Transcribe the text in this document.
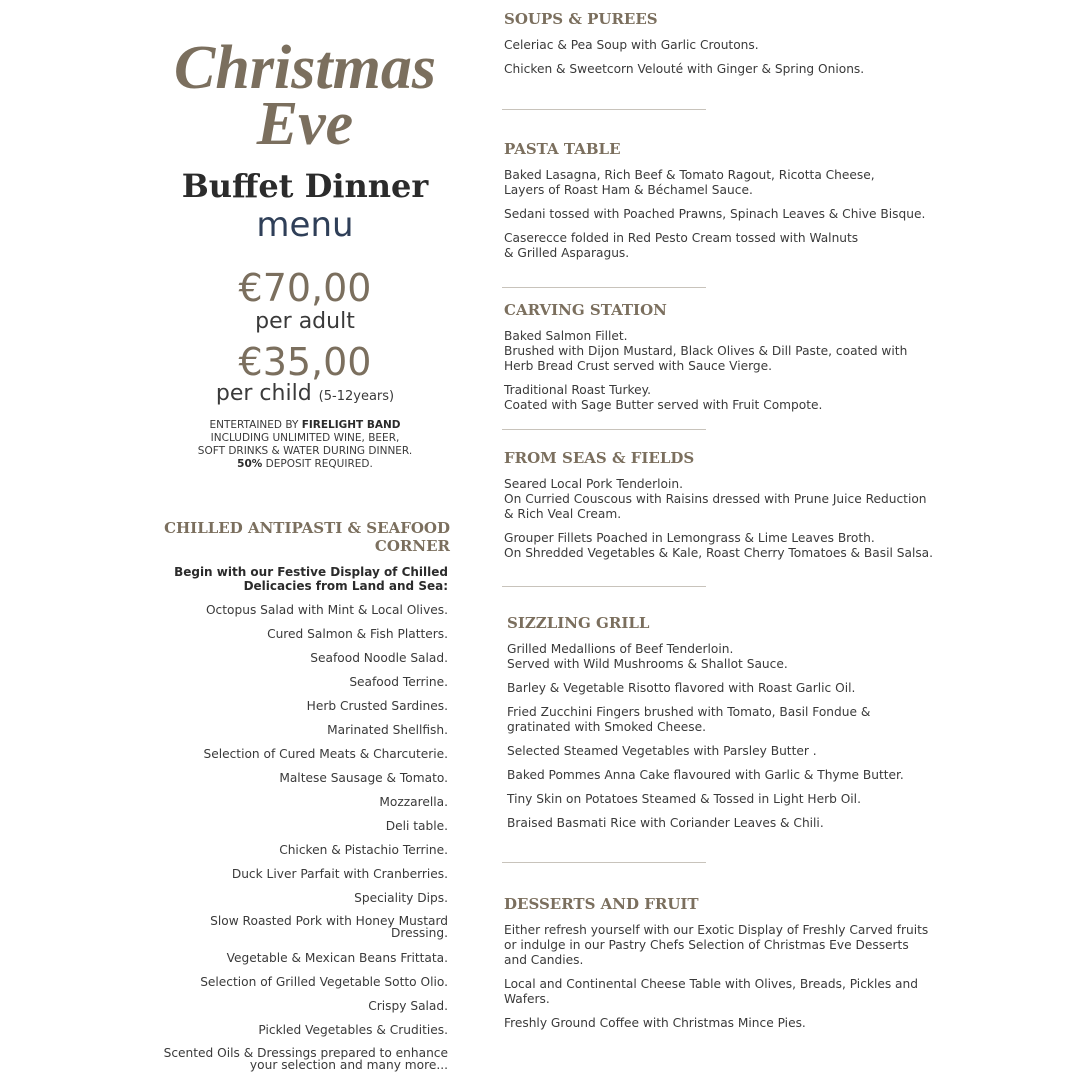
Christmas
Eve
Buffet Dinner
menu
€70,00
per adult
€35,00
per child (5-12years)
ENTERTAINED BY FIRELIGHT BAND
INCLUDING UNLIMITED WINE, BEER,
SOFT DRINKS & WATER DURING DINNER.
50% DEPOSIT REQUIRED.
CHILLED ANTIPASTI & SEAFOOD
CORNER
Begin with our Festive Display of Chilled
Delicacies from Land and Sea:
Octopus Salad with Mint & Local Olives.
Cured Salmon & Fish Platters.
Seafood Noodle Salad.
Seafood Terrine.
Herb Crusted Sardines.
Marinated Shellfish.
Selection of Cured Meats & Charcuterie.
Maltese Sausage & Tomato.
Mozzarella.
Deli table.
Chicken & Pistachio Terrine.
Duck Liver Parfait with Cranberries.
Speciality Dips.
Slow Roasted Pork with Honey Mustard
Dressing.
Vegetable & Mexican Beans Frittata.
Selection of Grilled Vegetable Sotto Olio.
Crispy Salad.
Pickled Vegetables & Crudities.
Scented Oils & Dressings prepared to enhance
your selection and many more...
SOUPS & PUREES
Celeriac & Pea Soup with Garlic Croutons.
Chicken & Sweetcorn Velouté with Ginger & Spring Onions.
PASTA TABLE
Baked Lasagna, Rich Beef & Tomato Ragout, Ricotta Cheese,
Layers of Roast Ham & Béchamel Sauce.
Sedani tossed with Poached Prawns, Spinach Leaves & Chive Bisque.
Caserecce folded in Red Pesto Cream tossed with Walnuts
& Grilled Asparagus.
CARVING STATION
Baked Salmon Fillet.
Brushed with Dijon Mustard, Black Olives & Dill Paste, coated with
Herb Bread Crust served with Sauce Vierge.
Traditional Roast Turkey.
Coated with Sage Butter served with Fruit Compote.
FROM SEAS & FIELDS
Seared Local Pork Tenderloin.
On Curried Couscous with Raisins dressed with Prune Juice Reduction
& Rich Veal Cream.
Grouper Fillets Poached in Lemongrass & Lime Leaves Broth.
On Shredded Vegetables & Kale, Roast Cherry Tomatoes & Basil Salsa.
SIZZLING GRILL
Grilled Medallions of Beef Tenderloin.
Served with Wild Mushrooms & Shallot Sauce.
Barley & Vegetable Risotto flavored with Roast Garlic Oil.
Fried Zucchini Fingers brushed with Tomato, Basil Fondue &
gratinated with Smoked Cheese.
Selected Steamed Vegetables with Parsley Butter .
Baked Pommes Anna Cake flavoured with Garlic & Thyme Butter.
Tiny Skin on Potatoes Steamed & Tossed in Light Herb Oil.
Braised Basmati Rice with Coriander Leaves & Chili.
DESSERTS AND FRUIT
Either refresh yourself with our Exotic Display of Freshly Carved fruits
or indulge in our Pastry Chefs Selection of Christmas Eve Desserts
and Candies.
Local and Continental Cheese Table with Olives, Breads, Pickles and
Wafers.
Freshly Ground Coffee with Christmas Mince Pies.
